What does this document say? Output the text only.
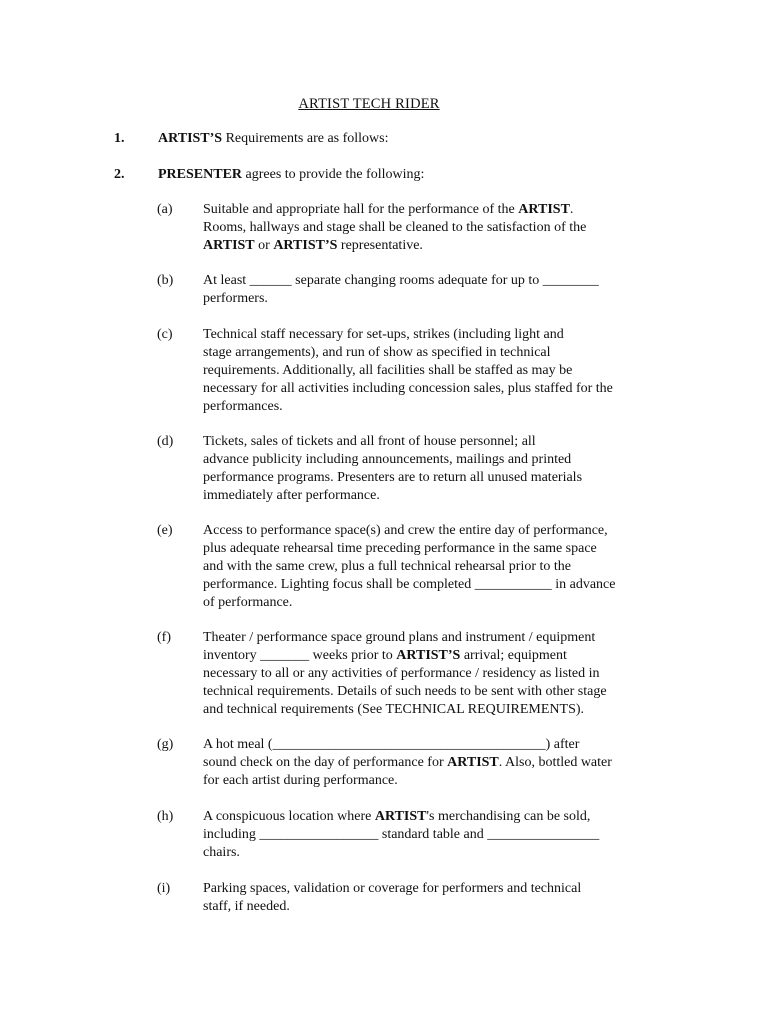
ARTIST TECH RIDER
1. ARTIST’S Requirements are as follows:
2. PRESENTER agrees to provide the following:
(a) Suitable and appropriate hall for the performance of the ARTIST.
Rooms, hallways and stage shall be cleaned to the satisfaction of the
ARTIST or ARTIST’S representative.
(b) At least ______ separate changing rooms adequate for up to ________
performers.
(c) Technical staff necessary for set-ups, strikes (including light and
stage arrangements), and run of show as specified in technical
requirements. Additionally, all facilities shall be staffed as may be
necessary for all activities including concession sales, plus staffed for the
performances.
(d) Tickets, sales of tickets and all front of house personnel; all
advance publicity including announcements, mailings and printed
performance programs. Presenters are to return all unused materials
immediately after performance.
(e) Access to performance space(s) and crew the entire day of performance,
plus adequate rehearsal time preceding performance in the same space
and with the same crew, plus a full technical rehearsal prior to the
performance. Lighting focus shall be completed ___________ in advance
of performance.
(f) Theater / performance space ground plans and instrument / equipment
inventory _______ weeks prior to ARTIST’S arrival; equipment
necessary to all or any activities of performance / residency as listed in
technical requirements. Details of such needs to be sent with other stage
and technical requirements (See TECHNICAL REQUIREMENTS).
(g) A hot meal (_______________________________________) after
sound check on the day of performance for ARTIST. Also, bottled water
for each artist during performance.
(h) A conspicuous location where ARTIST's merchandising can be sold,
including _________________ standard table and ________________
chairs.
(i) Parking spaces, validation or coverage for performers and technical
staff, if needed.
